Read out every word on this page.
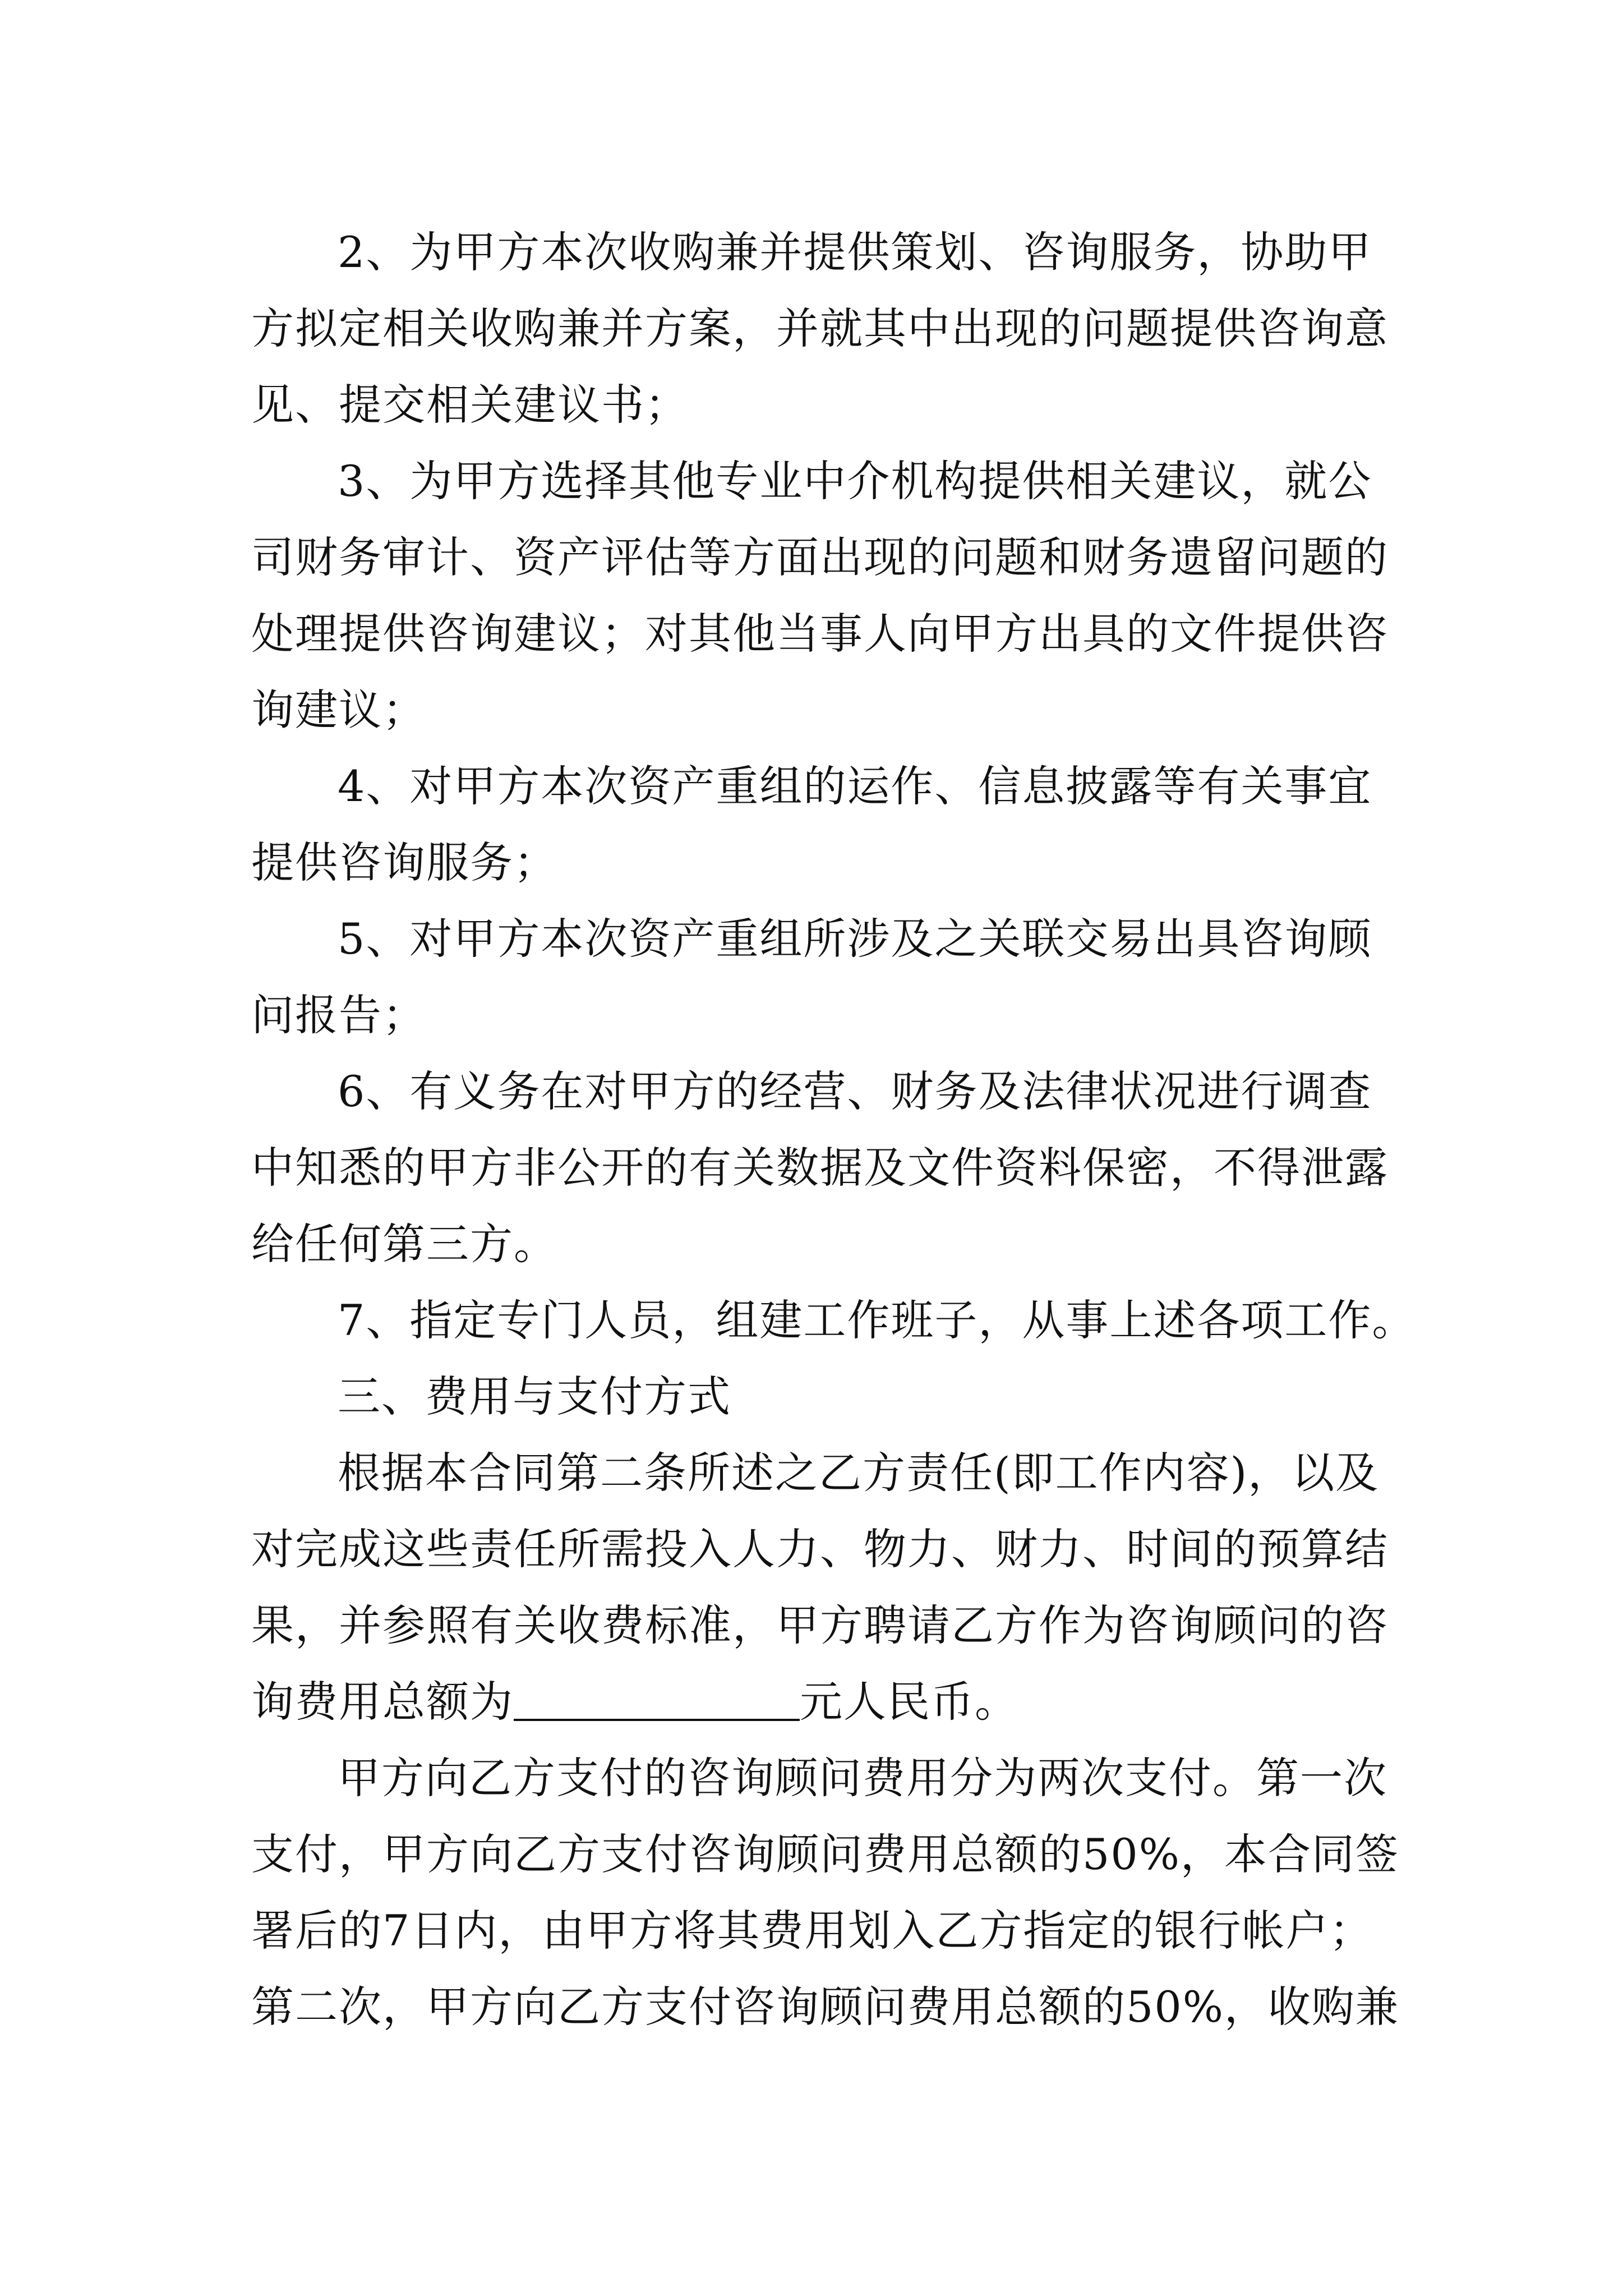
2、为甲方本次收购兼并提供策划、咨询服务，协助甲
方拟定相关收购兼并方案，并就其中出现的问题提供咨询意
见、提交相关建议书；
3、为甲方选择其他专业中介机构提供相关建议，就公
司财务审计、资产评估等方面出现的问题和财务遗留问题的
处理提供咨询建议；对其他当事人向甲方出具的文件提供咨
询建议；
4、对甲方本次资产重组的运作、信息披露等有关事宜
提供咨询服务；
5、对甲方本次资产重组所涉及之关联交易出具咨询顾
问报告；
6、有义务在对甲方的经营、财务及法律状况进行调查
中知悉的甲方非公开的有关数据及文件资料保密，不得泄露
给任何第三方。
7、指定专门人员，组建工作班子，从事上述各项工作。
三、费用与支付方式
根据本合同第二条所述之乙方责任(即工作内容)，以及
对完成这些责任所需投入人力、物力、财力、时间的预算结
果，并参照有关收费标准，甲方聘请乙方作为咨询顾问的咨
询费用总额为	元人民币。
甲方向乙方支付的咨询顾问费用分为两次支付。第一次
支付，甲方向乙方支付咨询顾问费用总额的50%，本合同签
署后的7日内，由甲方将其费用划入乙方指定的银行帐户；
第二次，甲方向乙方支付咨询顾问费用总额的50%，收购兼
